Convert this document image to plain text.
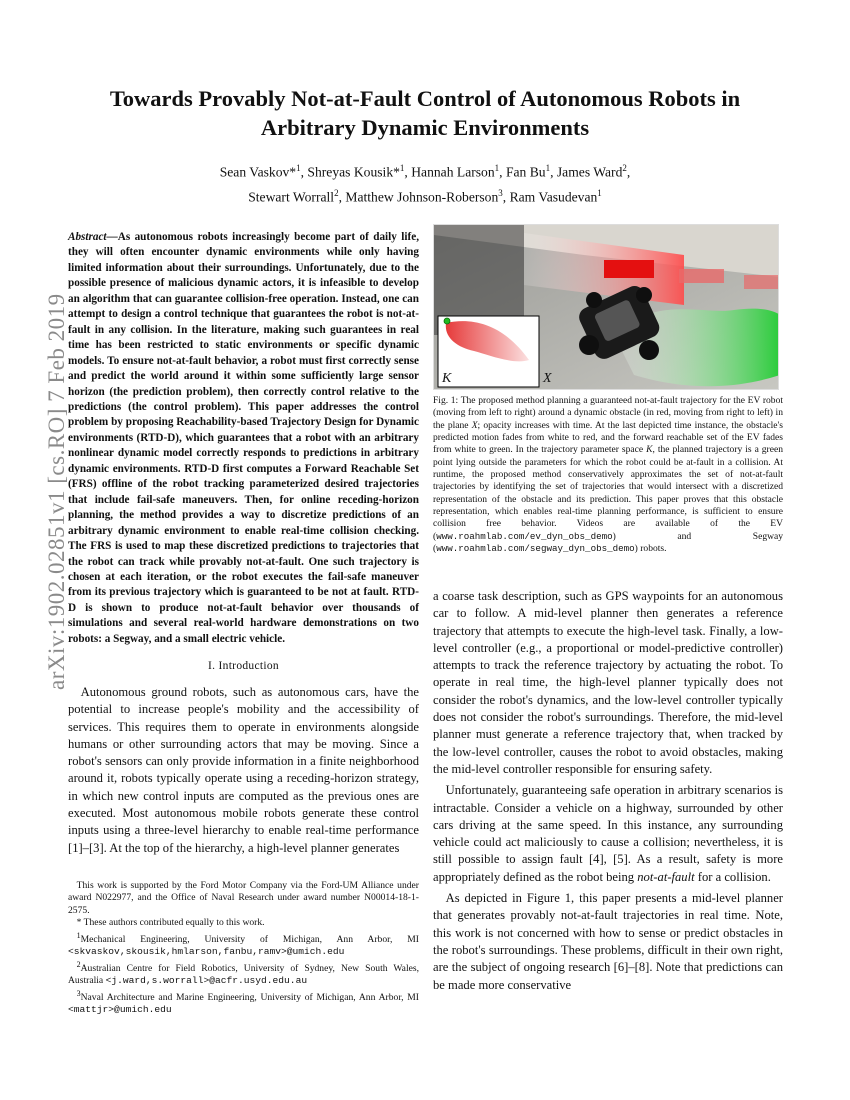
arXiv:1902.02851v1 [cs.RO] 7 Feb 2019
Towards Provably Not-at-Fault Control of Autonomous Robots in
Arbitrary Dynamic Environments
Sean Vaskov*$^1$, Shreyas Kousik*$^1$, Hannah Larson$^1$, Fan Bu$^1$, James Ward$^2$,
Stewart Worrall$^2$, Matthew Johnson-Roberson$^3$, Ram Vasudevan$^1$
Abstract—As autonomous robots increasingly become part of daily life, they will often encounter dynamic environments while only having limited information about their surroundings. Unfortunately, due to the possible presence of malicious dynamic actors, it is infeasible to develop an algorithm that can guarantee collision-free operation. Instead, one can attempt to design a control technique that guarantees the robot is not-at-fault in any collision. In the literature, making such guarantees in real time has been restricted to static environments or specific dynamic models. To ensure not-at-fault behavior, a robot must first correctly sense and predict the world around it within some sufficiently large sensor horizon (the prediction problem), then correctly control relative to the predictions (the control problem). This paper addresses the control problem by proposing Reachability-based Trajectory Design for Dynamic environments (RTD-D), which guarantees that a robot with an arbitrary nonlinear dynamic model correctly responds to predictions in arbitrary dynamic environments. RTD-D first computes a Forward Reachable Set (FRS) offline of the robot tracking parameterized desired trajectories that include fail-safe maneuvers. Then, for online receding-horizon planning, the method provides a way to discretize predictions of an arbitrary dynamic environment to enable real-time collision checking. The FRS is used to map these discretized predictions to trajectories that the robot can track while provably not-at-fault. One such trajectory is chosen at each iteration, or the robot executes the fail-safe maneuver from its previous trajectory which is guaranteed to be not at fault. RTD-D is shown to produce not-at-fault behavior over thousands of simulations and several real-world hardware demonstrations on two robots: a Segway, and a small electric vehicle.
I. Introduction

Autonomous ground robots, such as autonomous cars, have the potential to increase people's mobility and the accessibility of services. This requires them to operate in environments alongside humans or other surrounding actors that may be moving. Since a robot's sensors can only provide information in a finite neighborhood around it, robots typically operate using a receding-horizon strategy, in which new control inputs are computed as the previous ones are executed. Most autonomous mobile robots generate these control inputs using a three-level hierarchy to enable real-time performance [1]–[3]. At the top of the hierarchy, a high-level planner generates

This work is supported by the Ford Motor Company via the Ford-UM Alliance under award N022977, and the Office of Naval Research under award number N00014-18-1-2575.

* These authors contributed equally to this work.

$^1$Mechanical Engineering, University of Michigan, Ann Arbor, MI <skvaskov,skousik,hmlarson,fanbu,ramv>@umich.edu

$^2$Australian Centre for Field Robotics, University of Sydney, New South Wales, Australia <j.ward,s.worrall>@acfr.usyd.edu.au

$^3$Naval Architecture and Marine Engineering, University of Michigan, Ann Arbor, MI <mattjr>@umich.edu

K	X
Fig. 1: The proposed method planning a guaranteed not-at-fault trajectory for the EV robot (moving from left to right) around a dynamic obstacle (in red, moving from right to left) in the plane X; opacity increases with time. At the last depicted time instance, the obstacle's predicted motion fades from white to red, and the forward reachable set of the EV fades from white to green. In the trajectory parameter space K, the planned trajectory is a green point lying outside the parameters for which the robot could be at-fault in a collision. At runtime, the proposed method conservatively approximates the set of not-at-fault trajectories by identifying the set of trajectories that would intersect with a discretized representation of the obstacle and its prediction. This paper proves that this obstacle representation, which enables real-time planning performance, is sufficient to ensure collision free behavior. Videos are available of the EV (www.roahmlab.com/ev_dyn_obs_demo) and Segway (www.roahmlab.com/segway_dyn_obs_demo) robots.

a coarse task description, such as GPS waypoints for an autonomous car to follow. A mid-level planner then generates a reference trajectory that attempts to execute the high-level task. Finally, a low-level controller (e.g., a proportional or model-predictive controller) attempts to track the reference trajectory by actuating the robot. To operate in real time, the high-level planner typically does not consider the robot's dynamics, and the low-level controller typically does not consider the robot's surroundings. Therefore, the mid-level planner must generate a reference trajectory that, when tracked by the low-level controller, causes the robot to avoid obstacles, making the mid-level controller responsible for ensuring safety.

Unfortunately, guaranteeing safe operation in arbitrary scenarios is intractable. Consider a vehicle on a highway, surrounded by other cars driving at the same speed. In this instance, any surrounding vehicle could act maliciously to cause a collision; nevertheless, it is still possible to assign fault [4], [5]. As a result, safety is more appropriately defined as the robot being not-at-fault for a collision.

As depicted in Figure 1, this paper presents a mid-level planner that generates provably not-at-fault trajectories in real time. Note, this work is not concerned with how to sense or predict obstacles in the robot's surroundings. These problems, difficult in their own right, are the subject of ongoing research [6]–[8]. Note that predictions can be made more conservative
